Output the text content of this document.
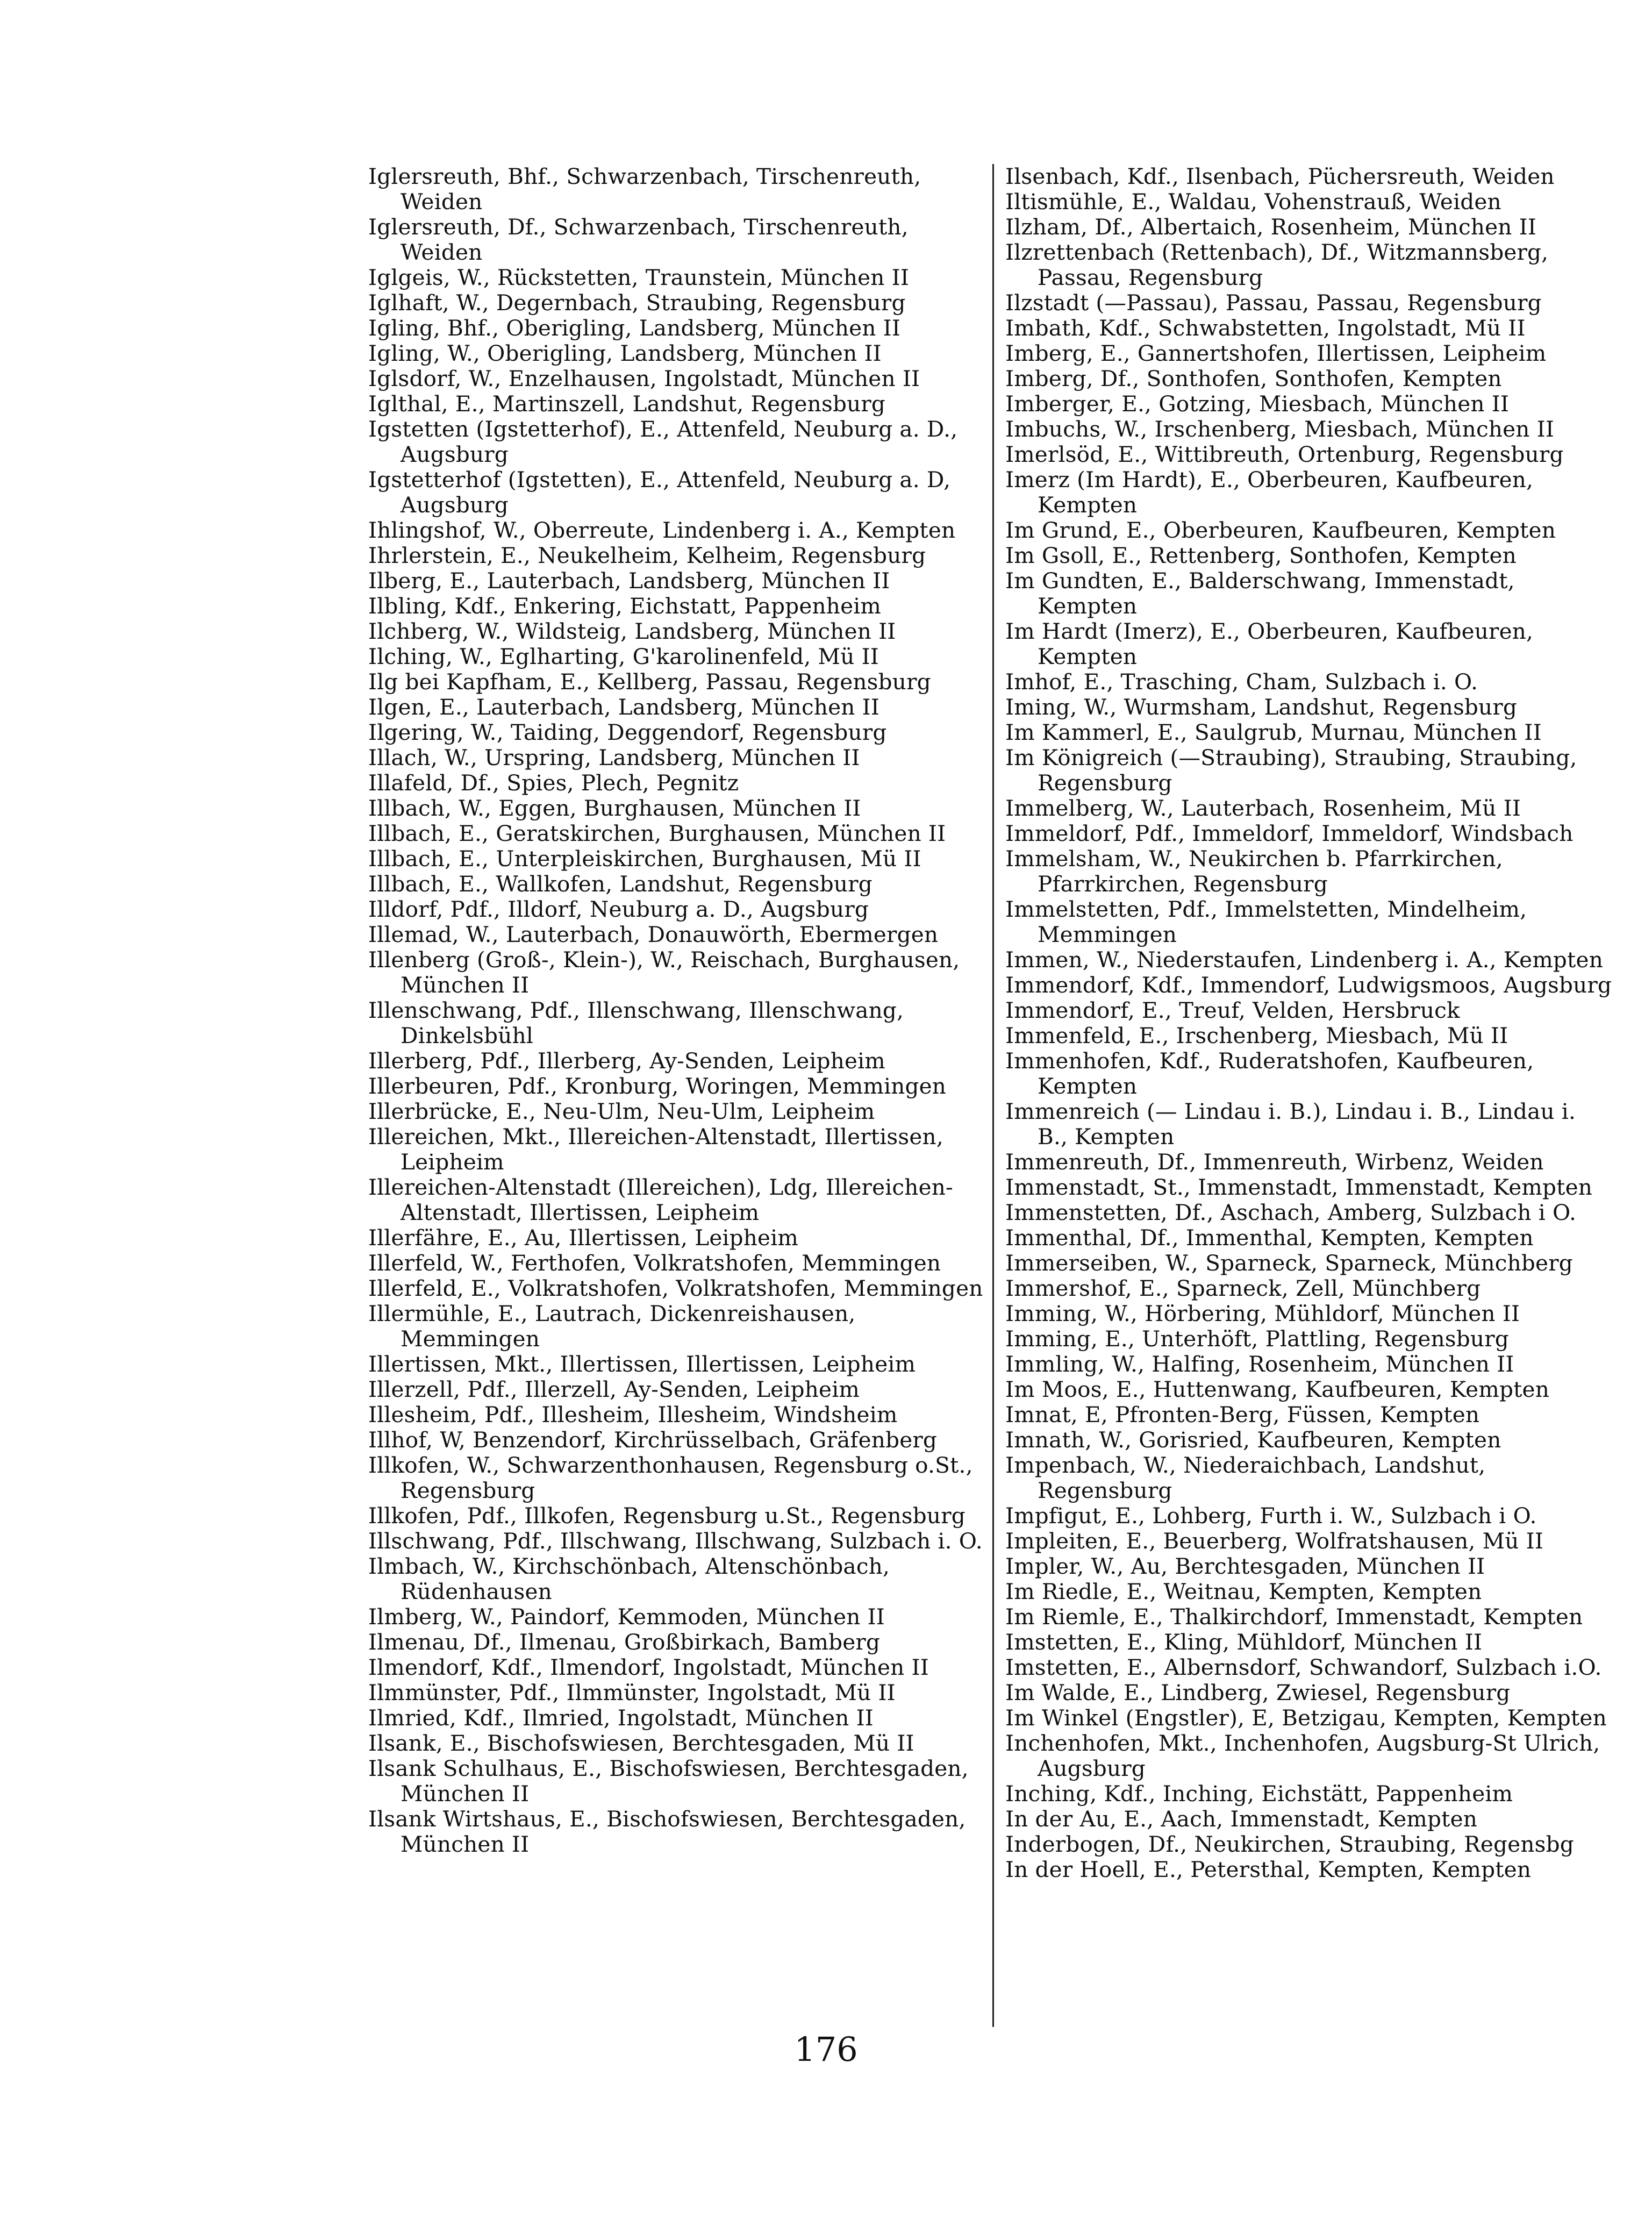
Iglersreuth, Bhf., Schwarzenbach, Tirschenreuth, Weiden
Iglersreuth, Df., Schwarzenbach, Tirschenreuth, Weiden
Iglgeis, W., Rückstetten, Traunstein, München II
Iglhaft, W., Degernbach, Straubing, Regensburg
Igling, Bhf., Oberigling, Landsberg, München II
Igling, W., Oberigling, Landsberg, München II
Iglsdorf, W., Enzelhausen, Ingolstadt, München II
Iglthal, E., Martinszell, Landshut, Regensburg
Igstetten (Igstetterhof), E., Attenfeld, Neuburg a. D., Augsburg
Igstetterhof (Igstetten), E., Attenfeld, Neuburg a. D, Augsburg
Ihlingshof, W., Oberreute, Lindenberg i. A., Kempten
Ihrlerstein, E., Neukelheim, Kelheim, Regensburg
Ilberg, E., Lauterbach, Landsberg, München II
Ilbling, Kdf., Enkering, Eichstatt, Pappenheim
Ilchberg, W., Wildsteig, Landsberg, München II
Ilching, W., Eglharting, G'karolinenfeld, Mü II
Ilg bei Kapfham, E., Kellberg, Passau, Regensburg
Ilgen, E., Lauterbach, Landsberg, München II
Ilgering, W., Taiding, Deggendorf, Regensburg
Illach, W., Urspring, Landsberg, München II
Illafeld, Df., Spies, Plech, Pegnitz
Illbach, W., Eggen, Burghausen, München II
Illbach, E., Geratskirchen, Burghausen, München II
Illbach, E., Unterpleiskirchen, Burghausen, Mü II
Illbach, E., Wallkofen, Landshut, Regensburg
Illdorf, Pdf., Illdorf, Neuburg a. D., Augsburg
Illemad, W., Lauterbach, Donauwörth, Ebermergen
Illenberg (Groß-, Klein-), W., Reischach, Burghausen, München II
Illenschwang, Pdf., Illenschwang, Illenschwang, Dinkelsbühl
Illerberg, Pdf., Illerberg, Ay-Senden, Leipheim
Illerbeuren, Pdf., Kronburg, Woringen, Memmingen
Illerbrücke, E., Neu-Ulm, Neu-Ulm, Leipheim
Illereichen, Mkt., Illereichen-Altenstadt, Illertissen, Leipheim
Illereichen-Altenstadt (Illereichen), Ldg, Illereichen-Altenstadt, Illertissen, Leipheim
Illerfähre, E., Au, Illertissen, Leipheim
Illerfeld, W., Ferthofen, Volkratshofen, Memmingen
Illerfeld, E., Volkratshofen, Volkratshofen, Memmingen
Illermühle, E., Lautrach, Dickenreishausen, Memmingen
Illertissen, Mkt., Illertissen, Illertissen, Leipheim
Illerzell, Pdf., Illerzell, Ay-Senden, Leipheim
Illesheim, Pdf., Illesheim, Illesheim, Windsheim
Illhof, W, Benzendorf, Kirchrüsselbach, Gräfenberg
Illkofen, W., Schwarzenthonhausen, Regensburg o.St., Regensburg
Illkofen, Pdf., Illkofen, Regensburg u.St., Regensburg
Illschwang, Pdf., Illschwang, Illschwang, Sulzbach i. O.
Ilmbach, W., Kirchschönbach, Altenschönbach, Rüdenhausen
Ilmberg, W., Paindorf, Kemmoden, München II
Ilmenau, Df., Ilmenau, Großbirkach, Bamberg
Ilmendorf, Kdf., Ilmendorf, Ingolstadt, München II
Ilmmünster, Pdf., Ilmmünster, Ingolstadt, Mü II
Ilmried, Kdf., Ilmried, Ingolstadt, München II
Ilsank, E., Bischofswiesen, Berchtesgaden, Mü II
Ilsank Schulhaus, E., Bischofswiesen, Berchtesgaden, München II
Ilsank Wirtshaus, E., Bischofswiesen, Berchtesgaden, München II
Ilsenbach, Kdf., Ilsenbach, Püchersreuth, Weiden
Iltismühle, E., Waldau, Vohenstrauß, Weiden
Ilzham, Df., Albertaich, Rosenheim, München II
Ilzrettenbach (Rettenbach), Df., Witzmannsberg, Passau, Regensburg
Ilzstadt (—Passau), Passau, Passau, Regensburg
Imbath, Kdf., Schwabstetten, Ingolstadt, Mü II
Imberg, E., Gannertshofen, Illertissen, Leipheim
Imberg, Df., Sonthofen, Sonthofen, Kempten
Imberger, E., Gotzing, Miesbach, München II
Imbuchs, W., Irschenberg, Miesbach, München II
Imerlsöd, E., Wittibreuth, Ortenburg, Regensburg
Imerz (Im Hardt), E., Oberbeuren, Kaufbeuren, Kempten
Im Grund, E., Oberbeuren, Kaufbeuren, Kempten
Im Gsoll, E., Rettenberg, Sonthofen, Kempten
Im Gundten, E., Balderschwang, Immenstadt, Kempten
Im Hardt (Imerz), E., Oberbeuren, Kaufbeuren, Kempten
Imhof, E., Trasching, Cham, Sulzbach i. O.
Iming, W., Wurmsham, Landshut, Regensburg
Im Kammerl, E., Saulgrub, Murnau, München II
Im Königreich (—Straubing), Straubing, Straubing, Regensburg
Immelberg, W., Lauterbach, Rosenheim, Mü II
Immeldorf, Pdf., Immeldorf, Immeldorf, Windsbach
Immelsham, W., Neukirchen b. Pfarrkirchen, Pfarrkirchen, Regensburg
Immelstetten, Pdf., Immelstetten, Mindelheim, Memmingen
Immen, W., Niederstaufen, Lindenberg i. A., Kempten
Immendorf, Kdf., Immendorf, Ludwigsmoos, Augsburg
Immendorf, E., Treuf, Velden, Hersbruck
Immenfeld, E., Irschenberg, Miesbach, Mü II
Immenhofen, Kdf., Ruderatshofen, Kaufbeuren, Kempten
Immenreich (— Lindau i. B.), Lindau i. B., Lindau i. B., Kempten
Immenreuth, Df., Immenreuth, Wirbenz, Weiden
Immenstadt, St., Immenstadt, Immenstadt, Kempten
Immenstetten, Df., Aschach, Amberg, Sulzbach i O.
Immenthal, Df., Immenthal, Kempten, Kempten
Immerseiben, W., Sparneck, Sparneck, Münchberg
Immershof, E., Sparneck, Zell, Münchberg
Imming, W., Hörbering, Mühldorf, München II
Imming, E., Unterhöft, Plattling, Regensburg
Immling, W., Halfing, Rosenheim, München II
Im Moos, E., Huttenwang, Kaufbeuren, Kempten
Imnat, E, Pfronten-Berg, Füssen, Kempten
Imnath, W., Gorisried, Kaufbeuren, Kempten
Impenbach, W., Niederaichbach, Landshut, Regensburg
Impfigut, E., Lohberg, Furth i. W., Sulzbach i O.
Impleiten, E., Beuerberg, Wolfratshausen, Mü II
Impler, W., Au, Berchtesgaden, München II
Im Riedle, E., Weitnau, Kempten, Kempten
Im Riemle, E., Thalkirchdorf, Immenstadt, Kempten
Imstetten, E., Kling, Mühldorf, München II
Imstetten, E., Albernsdorf, Schwandorf, Sulzbach i.O.
Im Walde, E., Lindberg, Zwiesel, Regensburg
Im Winkel (Engstler), E, Betzigau, Kempten, Kempten
Inchenhofen, Mkt., Inchenhofen, Augsburg-St Ulrich, Augsburg
Inching, Kdf., Inching, Eichstätt, Pappenheim
In der Au, E., Aach, Immenstadt, Kempten
Inderbogen, Df., Neukirchen, Straubing, Regensbg
In der Hoell, E., Petersthal, Kempten, Kempten
176
